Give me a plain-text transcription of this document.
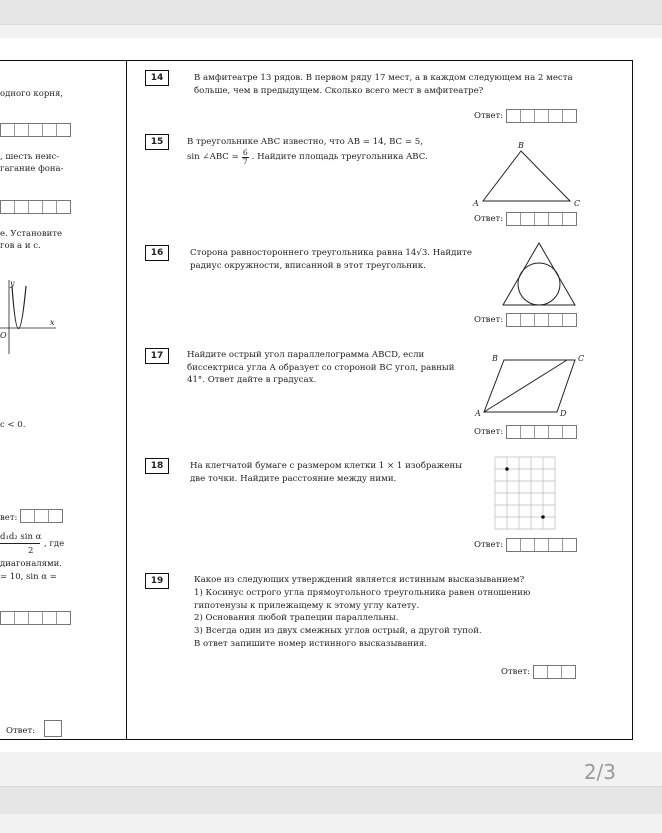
одного корня,
, шесть неис-
гагание фона-
е. Установите
гов a и c.
y
x
O
c < 0.
вет:
d₁d₂ sin α
2
, где
диагоналями.
= 10, sin α =
Ответ:
14	В амфитеатре 13 рядов. В первом ряду 17 мест, а в каждом следующем на 2 места больше, чем в предыдущем. Сколько всего мест в амфитеатре?
Ответ:
15	В треугольнике ABC известно, что AB = 14, BC = 5,
sin ∠ABC = $\frac{6}{7}$ . Найдите площадь треугольника ABC.
A
B
C
Ответ:
16	Сторона равностороннего треугольника равна 14√3. Найдите радиус окружности, вписанной в этот треугольник.
Ответ:
17	Найдите острый угол параллелограмма ABCD, если биссектриса угла A образует со стороной BC угол, равный 41°. Ответ дайте в градусах.
A
B	C
D
Ответ:
18	На клетчатой бумаге с размером клетки 1 × 1 изображены две точки. Найдите расстояние между ними.
Ответ:
19	Какое из следующих утверждений является истинным высказыванием?
1) Косинус острого угла прямоугольного треугольника равен отношению гипотенузы к прилежащему к этому углу катету.
2) Основания любой трапеции параллельны.
3) Всегда один из двух смежных углов острый, а другой тупой.
В ответ запишите номер истинного высказывания.
Ответ:
2/3
